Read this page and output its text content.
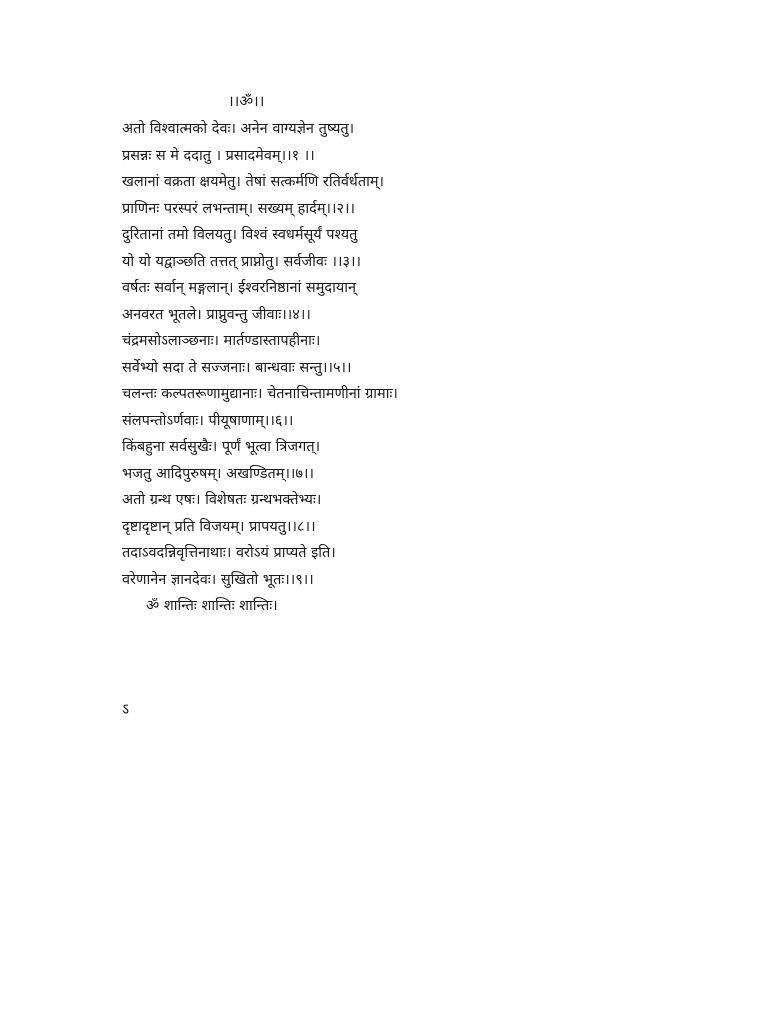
।।ॐ।।
अतो विश्वात्मको देवः। अनेन वाग्यज्ञेन तुष्यतु।
प्रसन्नः स मे ददातु । प्रसादमेवम्।।१ ।।
खलानां वक्रता क्षयमेतु। तेषां सत्कर्मणि रतिर्वर्धताम्।
प्राणिनः परस्परं लभन्ताम्। सख्यम् हार्दम्।।२।।
दुरितानां तमो विलयतु। विश्वं स्वधर्मसूर्यं पश्यतु
यो यो यद्वाञ्छति तत्तत् प्राप्नोतु। सर्वजीवः ।।३।।
वर्षतः सर्वान् मङ्गलान्। ईश्वरनिष्ठानां समुदायान्
अनवरत भूतले। प्राप्नुवन्तु जीवाः।।४।।
चंद्रमसोऽलाञ्छनाः। मार्तण्डास्तापहीनाः।
सर्वेभ्यो सदा ते सज्जनाः। बान्धवाः सन्तु।।५।।
चलन्तः कल्पतरूणामुद्यानाः। चेतनाचिन्तामणीनां ग्रामाः।
संलपन्तोऽर्णवाः। पीयूषाणाम्।।६।।
किंबहुना सर्वसुखैः। पूर्णं भूत्वा त्रिजगत्।
भजतु आदिपुरुषम्। अखण्डितम्।।७।।
अतो ग्रन्थ एषः। विशेषतः ग्रन्थभक्तेभ्यः।
दृष्टादृष्टान् प्रति विजयम्। प्रापयतु।।८।।
तदाऽवदन्निवृत्तिनाथाः। वरोऽयं प्राप्यते इति।
वरेणानेन ज्ञानदेवः। सुखितो भूतः।।९।।
ॐ शान्तिः शान्तिः शान्तिः।
ऽ
